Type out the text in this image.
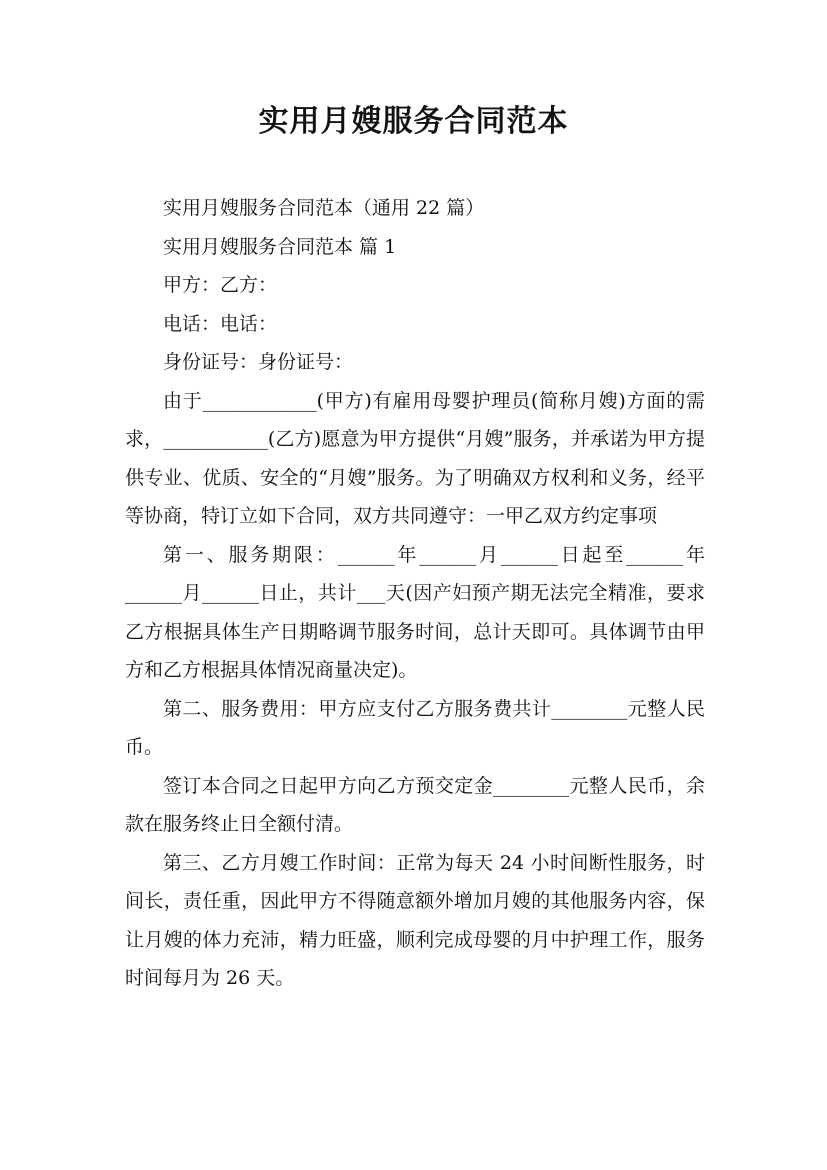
实用月嫂服务合同范本

实用月嫂服务合同范本（通用 22 篇）

实用月嫂服务合同范本 篇 1

甲方：乙方：

电话：电话：

身份证号：身份证号：

由于____________(甲方)有雇用母婴护理员(简称月嫂)方面的需求，___________(乙方)愿意为甲方提供“月嫂”服务，并承诺为甲方提供专业、优质、安全的“月嫂”服务。为了明确双方权利和义务，经平等协商，特订立如下合同，双方共同遵守：一甲乙双方约定事项

第一、服务期限：______年______月______日起至______年______月______日止，共计___天(因产妇预产期无法完全精准，要求乙方根据具体生产日期略调节服务时间，总计天即可。具体调节由甲方和乙方根据具体情况商量决定)。

第二、服务费用：甲方应支付乙方服务费共计________元整人民币。

签订本合同之日起甲方向乙方预交定金________元整人民币，余款在服务终止日全额付清。

第三、乙方月嫂工作时间：正常为每天 24 小时间断性服务，时间长，责任重，因此甲方不得随意额外增加月嫂的其他服务内容，保让月嫂的体力充沛，精力旺盛，顺利完成母婴的月中护理工作，服务时间每月为 26 天。
